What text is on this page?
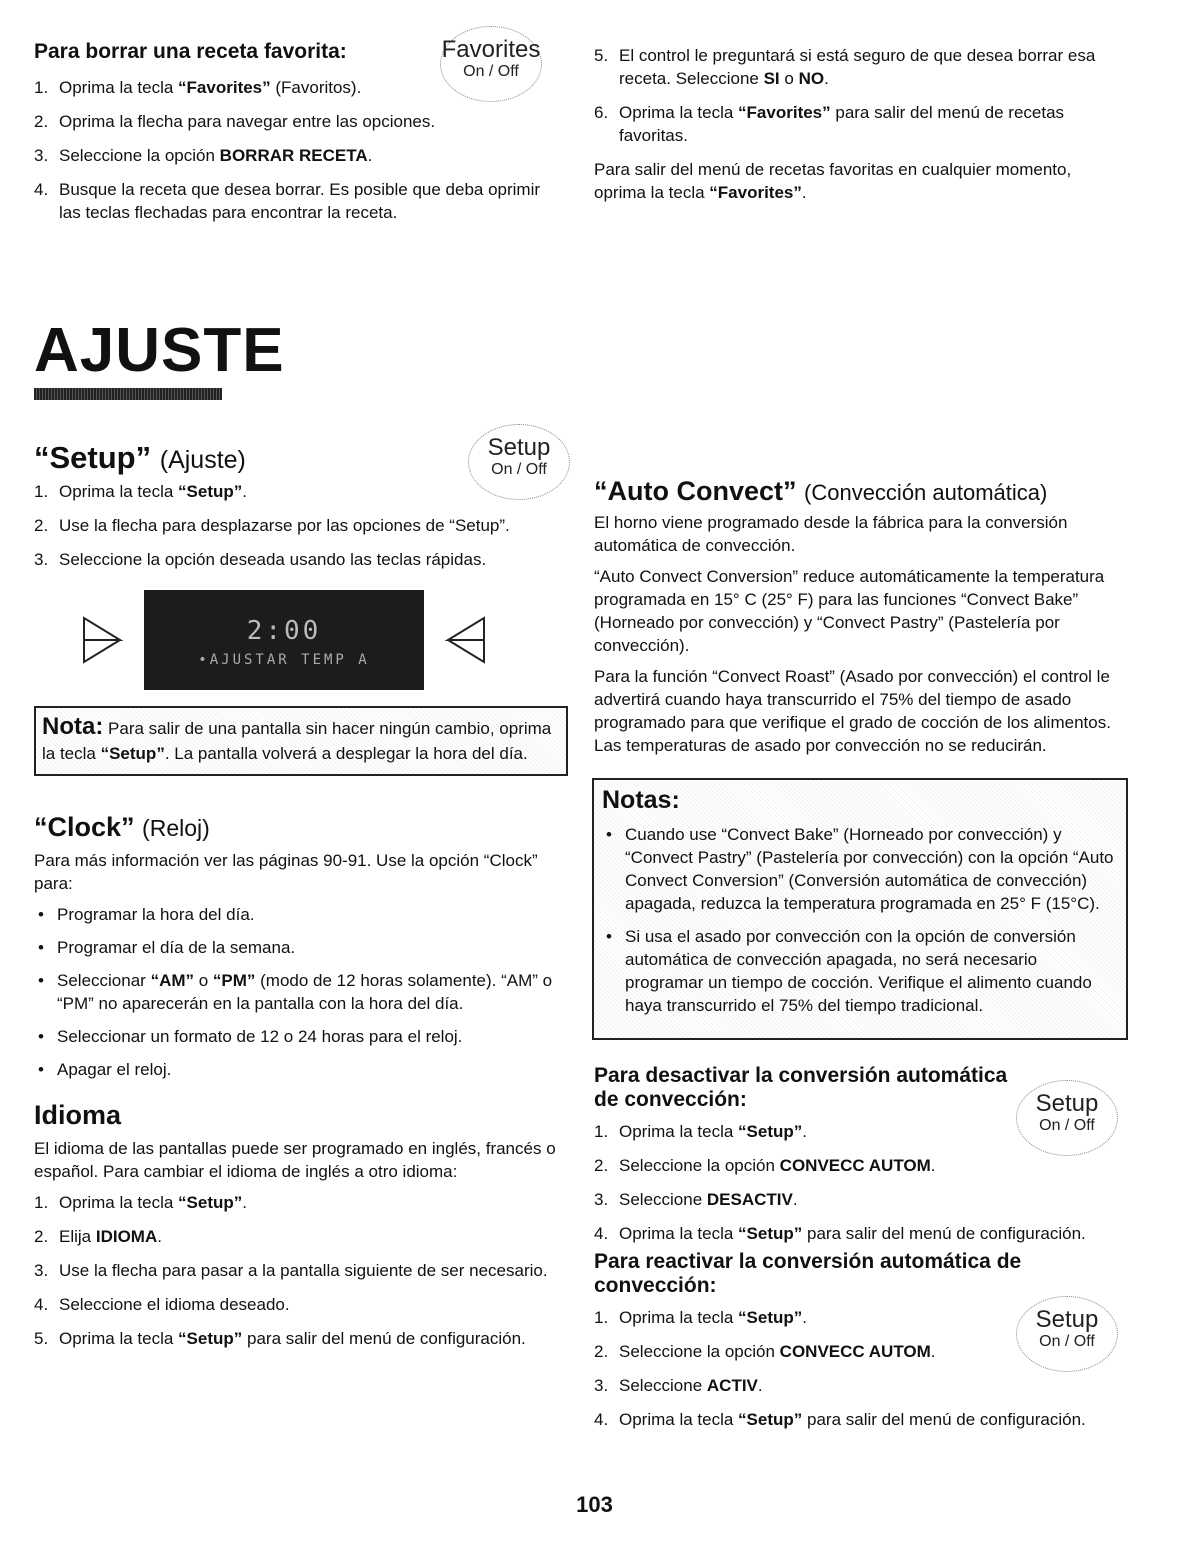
Para borrar una receta favorita:
1. Oprima la tecla “Favorites” (Favoritos).
2. Oprima la flecha para navegar entre las opciones.
3. Seleccione la opción BORRAR RECETA.
4. Busque la receta que desea borrar. Es posible que deba oprimir las teclas flechadas para encontrar la receta.
Favorites
On / Off
5. El control le preguntará si está seguro de que desea borrar esa receta. Seleccione SI o NO.
6. Oprima la tecla “Favorites” para salir del menú de recetas favoritas.

Para salir del menú de recetas favoritas en cualquier momento, oprima la tecla “Favorites”.

AJUSTE
“Setup” (Ajuste)
1. Oprima la tecla “Setup”.
2. Use la flecha para desplazarse por las opciones de “Setup”.
3. Seleccione la opción deseada usando las teclas rápidas.
Setup
On / Off
2:00
•AJUSTAR TEMP A
Nota: Para salir de una pantalla sin hacer ningún cambio, oprima la tecla “Setup”. La pantalla volverá a desplegar la hora del día.
“Clock” (Reloj)

Para más información ver las páginas 90-91. Use la opción “Clock” para:

• Programar la hora del día.
• Programar el día de la semana.
• Seleccionar “AM” o “PM” (modo de 12 horas solamente). “AM” o “PM” no aparecerán en la pantalla con la hora del día.
• Seleccionar un formato de 12 o 24 horas para el reloj.
• Apagar el reloj.
Idioma

El idioma de las pantallas puede ser programado en inglés, francés o español. Para cambiar el idioma de inglés a otro idioma:

1. Oprima la tecla “Setup”.
2. Elija IDIOMA.
3. Use la flecha para pasar a la pantalla siguiente de ser necesario.
4. Seleccione el idioma deseado.
5. Oprima la tecla “Setup” para salir del menú de configuración.
“Auto Convect” (Convección automática)

El horno viene programado desde la fábrica para la conversión automática de convección.

“Auto Convect Conversion” reduce automáticamente la temperatura programada en 15° C (25° F) para las funciones “Convect Bake” (Horneado por convección) y “Convect Pastry” (Pastelería por convección).

Para la función “Convect Roast” (Asado por convección) el control le advertirá cuando haya transcurrido el 75% del tiempo de asado programado para que verifique el grado de cocción de los alimentos. Las temperaturas de asado por convección no se reducirán.

Notas:
• Cuando use “Convect Bake” (Horneado por convección) y “Convect Pastry” (Pastelería por convección) con la opción “Auto Convect Conversion” (Conversión automática de convección) apagada, reduzca la temperatura programada en 25° F (15°C).
• Si usa el asado por convección con la opción de conversión automática de convección apagada, no será necesario programar un tiempo de cocción. Verifique el alimento cuando haya transcurrido el 75% del tiempo tradicional.
Para desactivar la conversión automática de convección:
1. Oprima la tecla “Setup”.
2. Seleccione la opción CONVECC AUTOM.
3. Seleccione DESACTIV.
4. Oprima la tecla “Setup” para salir del menú de configuración.
Setup
On / Off
Para reactivar la conversión automática de convección:
1. Oprima la tecla “Setup”.
2. Seleccione la opción CONVECC AUTOM.
3. Seleccione ACTIV.
4. Oprima la tecla “Setup” para salir del menú de configuración.
Setup
On / Off
103
